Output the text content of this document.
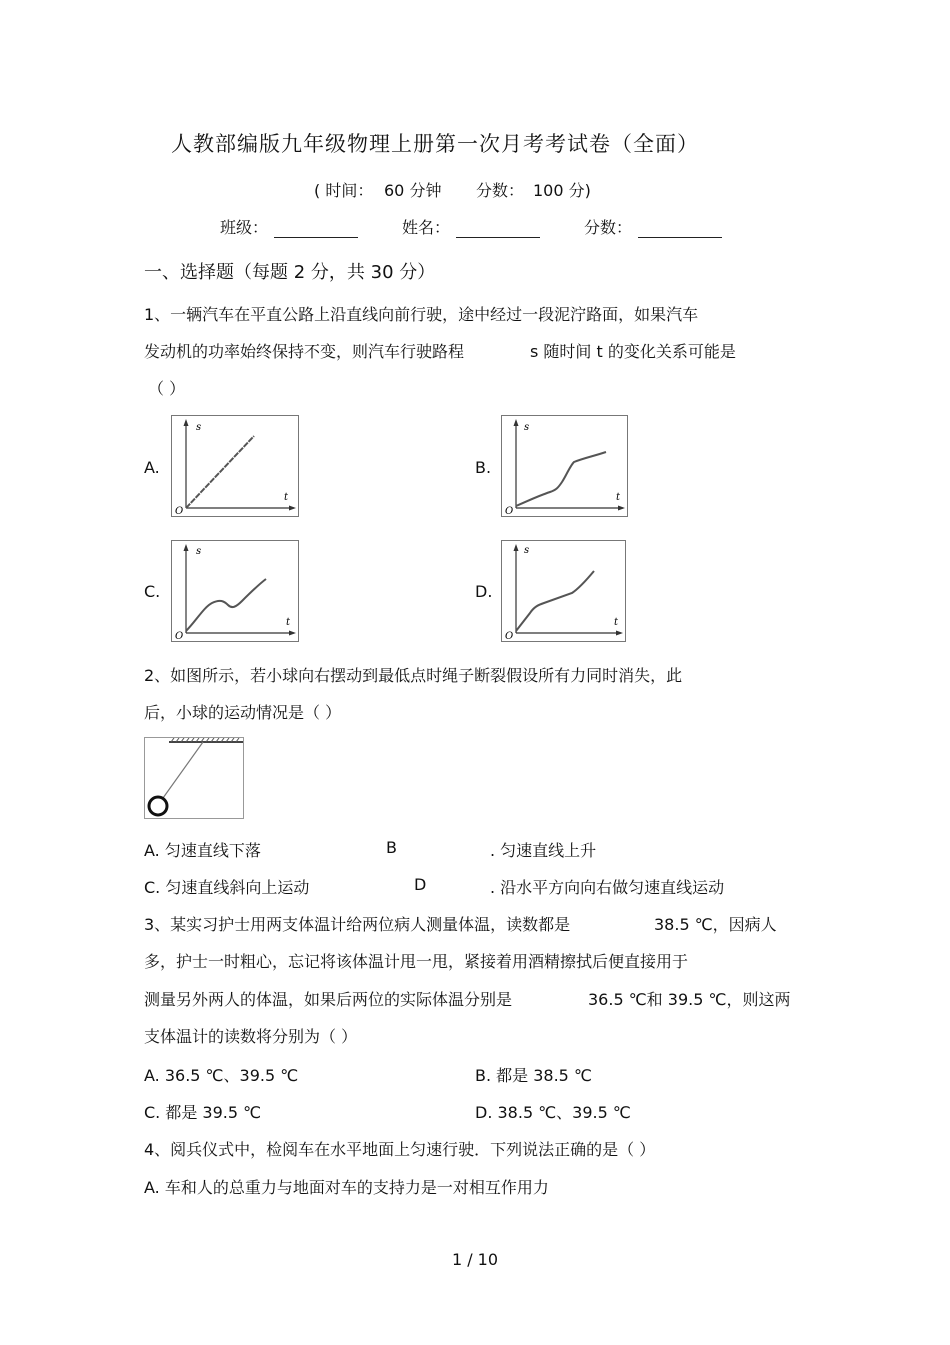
人教部编版九年级物理上册第一次月考考试卷（全面）
( 时间： 60 分钟 分数： 100 分)
班级：	姓名：	分数：
一、选择题（每题 2 分，共 30 分）
1、一辆汽车在平直公路上沿直线向前行驶，途中经过一段泥泞路面，如果汽车
发动机的功率始终保持不变，则汽车行驶路程	s 随时间 t 的变化关系可能是
（ ）
A.	B.
C.	D.
s
t
O
s
t
O
s
t
O
s
t
O
2、如图所示，若小球向右摆动到最低点时绳子断裂假设所有力同时消失，此
后，小球的运动情况是（ ）
A. 匀速直线下落	B	. 匀速直线上升
C. 匀速直线斜向上运动	D	. 沿水平方向向右做匀速直线运动
3、某实习护士用两支体温计给两位病人测量体温，读数都是	38.5 ℃，因病人
多，护士一时粗心，忘记将该体温计甩一甩，紧接着用酒精擦拭后便直接用于
测量另外两人的体温，如果后两位的实际体温分别是	36.5 ℃和 39.5 ℃，则这两
支体温计的读数将分别为（ ）
A. 36.5 ℃、39.5 ℃	B. 都是 38.5 ℃
C. 都是 39.5 ℃	D. 38.5 ℃、39.5 ℃
4、阅兵仪式中，检阅车在水平地面上匀速行驶．下列说法正确的是（ ）
A. 车和人的总重力与地面对车的支持力是一对相互作用力
1 / 10
